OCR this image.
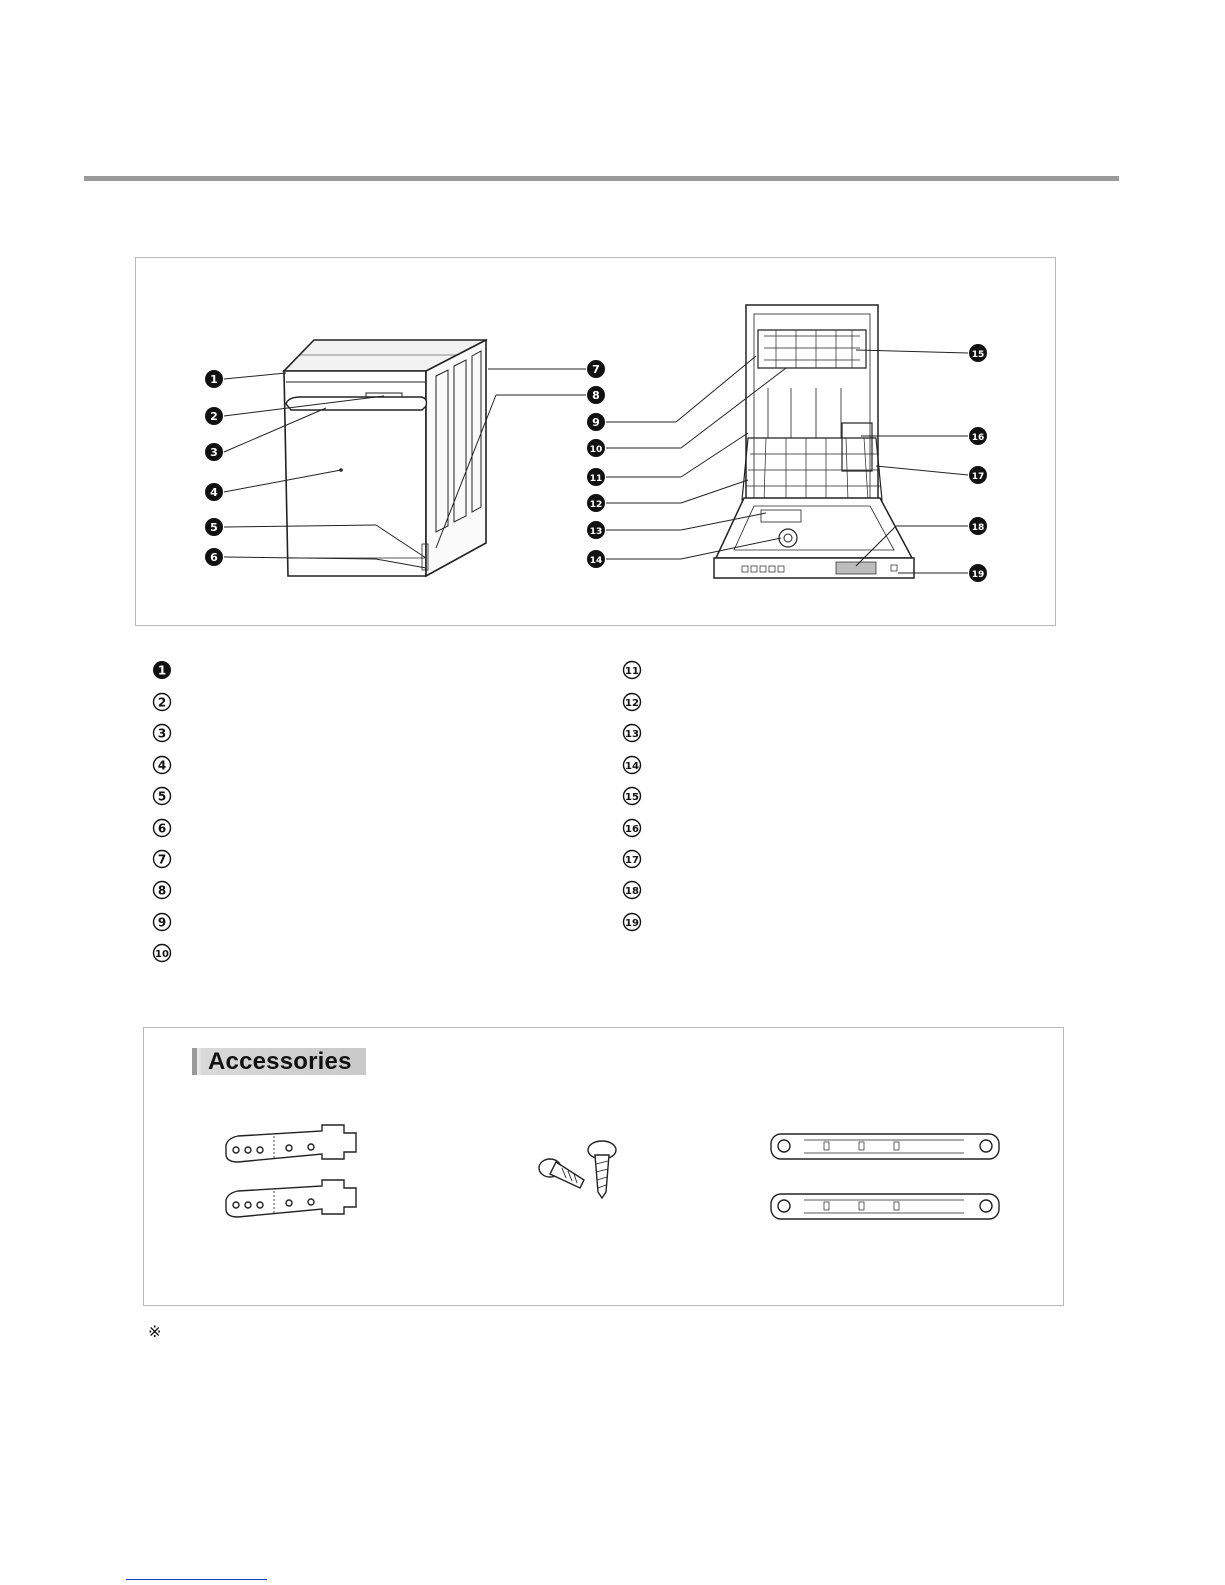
1
2
3
4
5
6
7
8
9
10
11
12
13
14
15
16
17
18
19
1
2
3
4
5
6
7
8
9
10
11
12
13
14
15
16
17
18
19
Accessories
※
